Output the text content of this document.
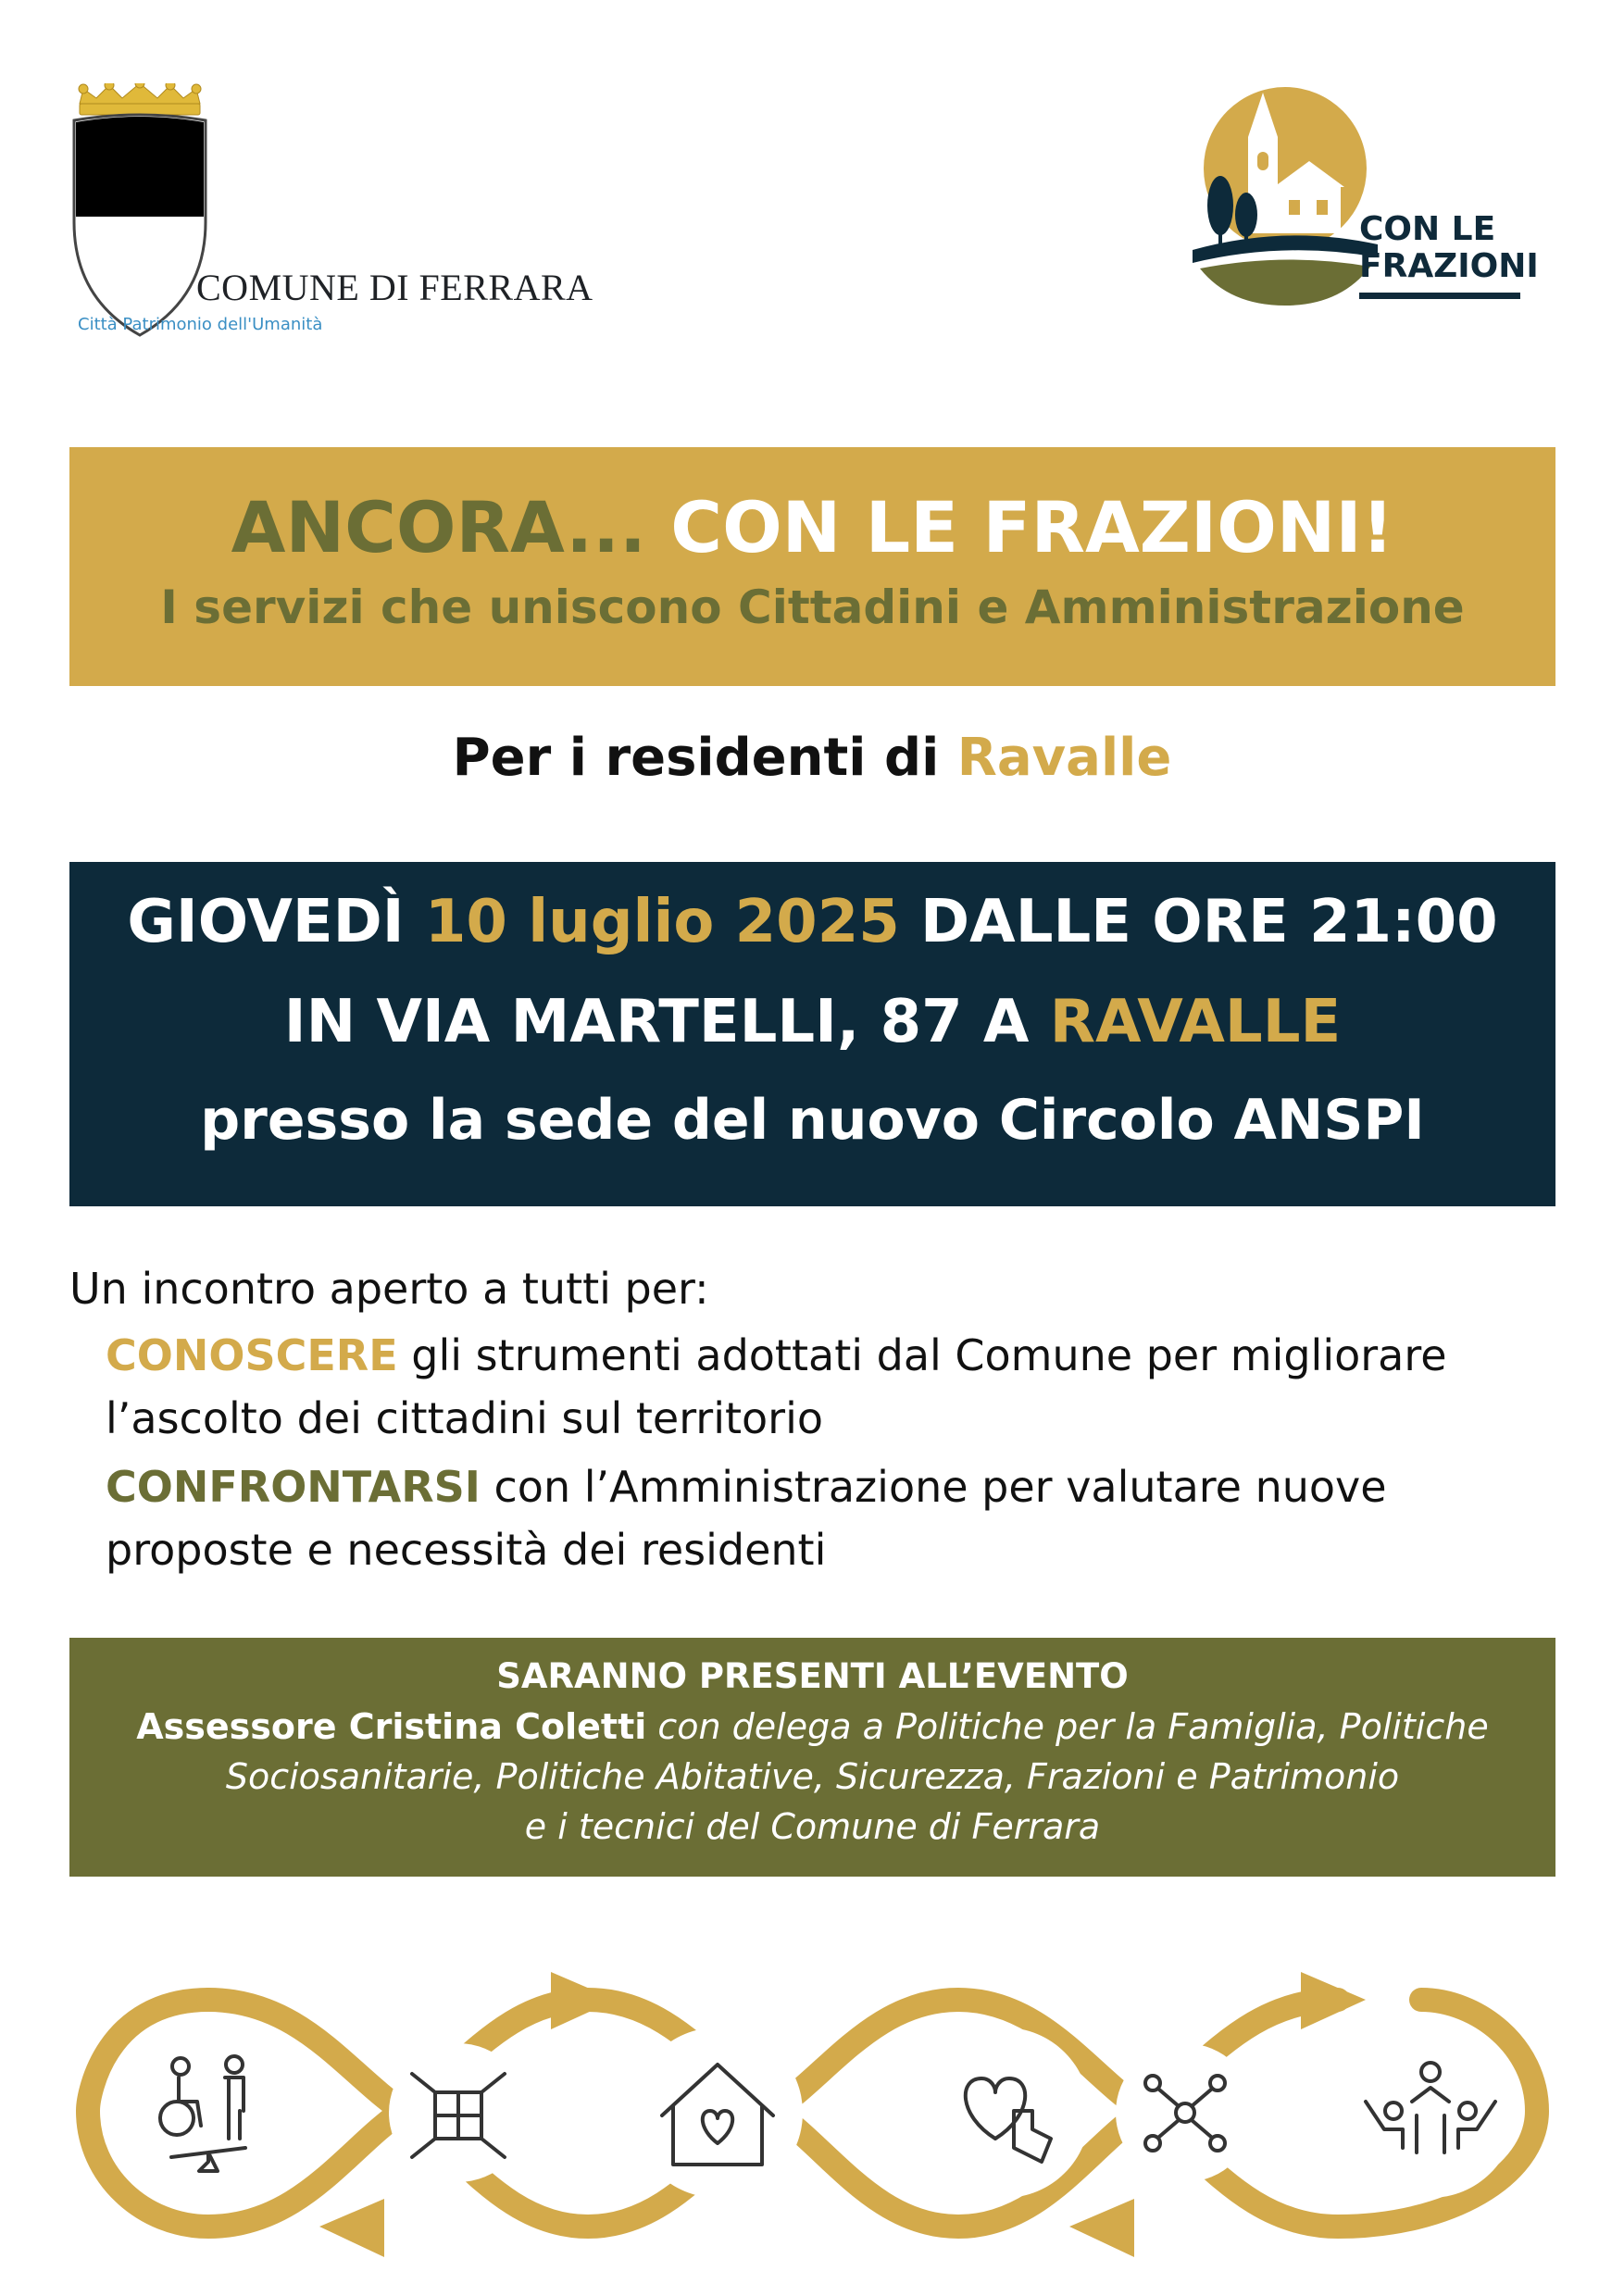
COMUNE DI FERRARA
Città Patrimonio dell'Umanità
CON LE
FRAZIONI
ANCORA... CON LE FRAZIONI!
I servizi che uniscono Cittadini e Amministrazione
Per i residenti di Ravalle
GIOVEDÌ 10 luglio 2025 DALLE ORE 21:00
IN VIA MARTELLI, 87 A RAVALLE
presso la sede del nuovo Circolo ANSPI
Un incontro aperto a tutti per:
CONOSCERE gli strumenti adottati dal Comune per migliorare l’ascolto dei cittadini sul territorio
CONFRONTARSI con l’Amministrazione per valutare nuove proposte e necessità dei residenti
SARANNO PRESENTI ALL’EVENTO
Assessore Cristina Coletti con delega a Politiche per la Famiglia, Politiche
Sociosanitarie, Politiche Abitative, Sicurezza, Frazioni e Patrimonio
e i tecnici del Comune di Ferrara
